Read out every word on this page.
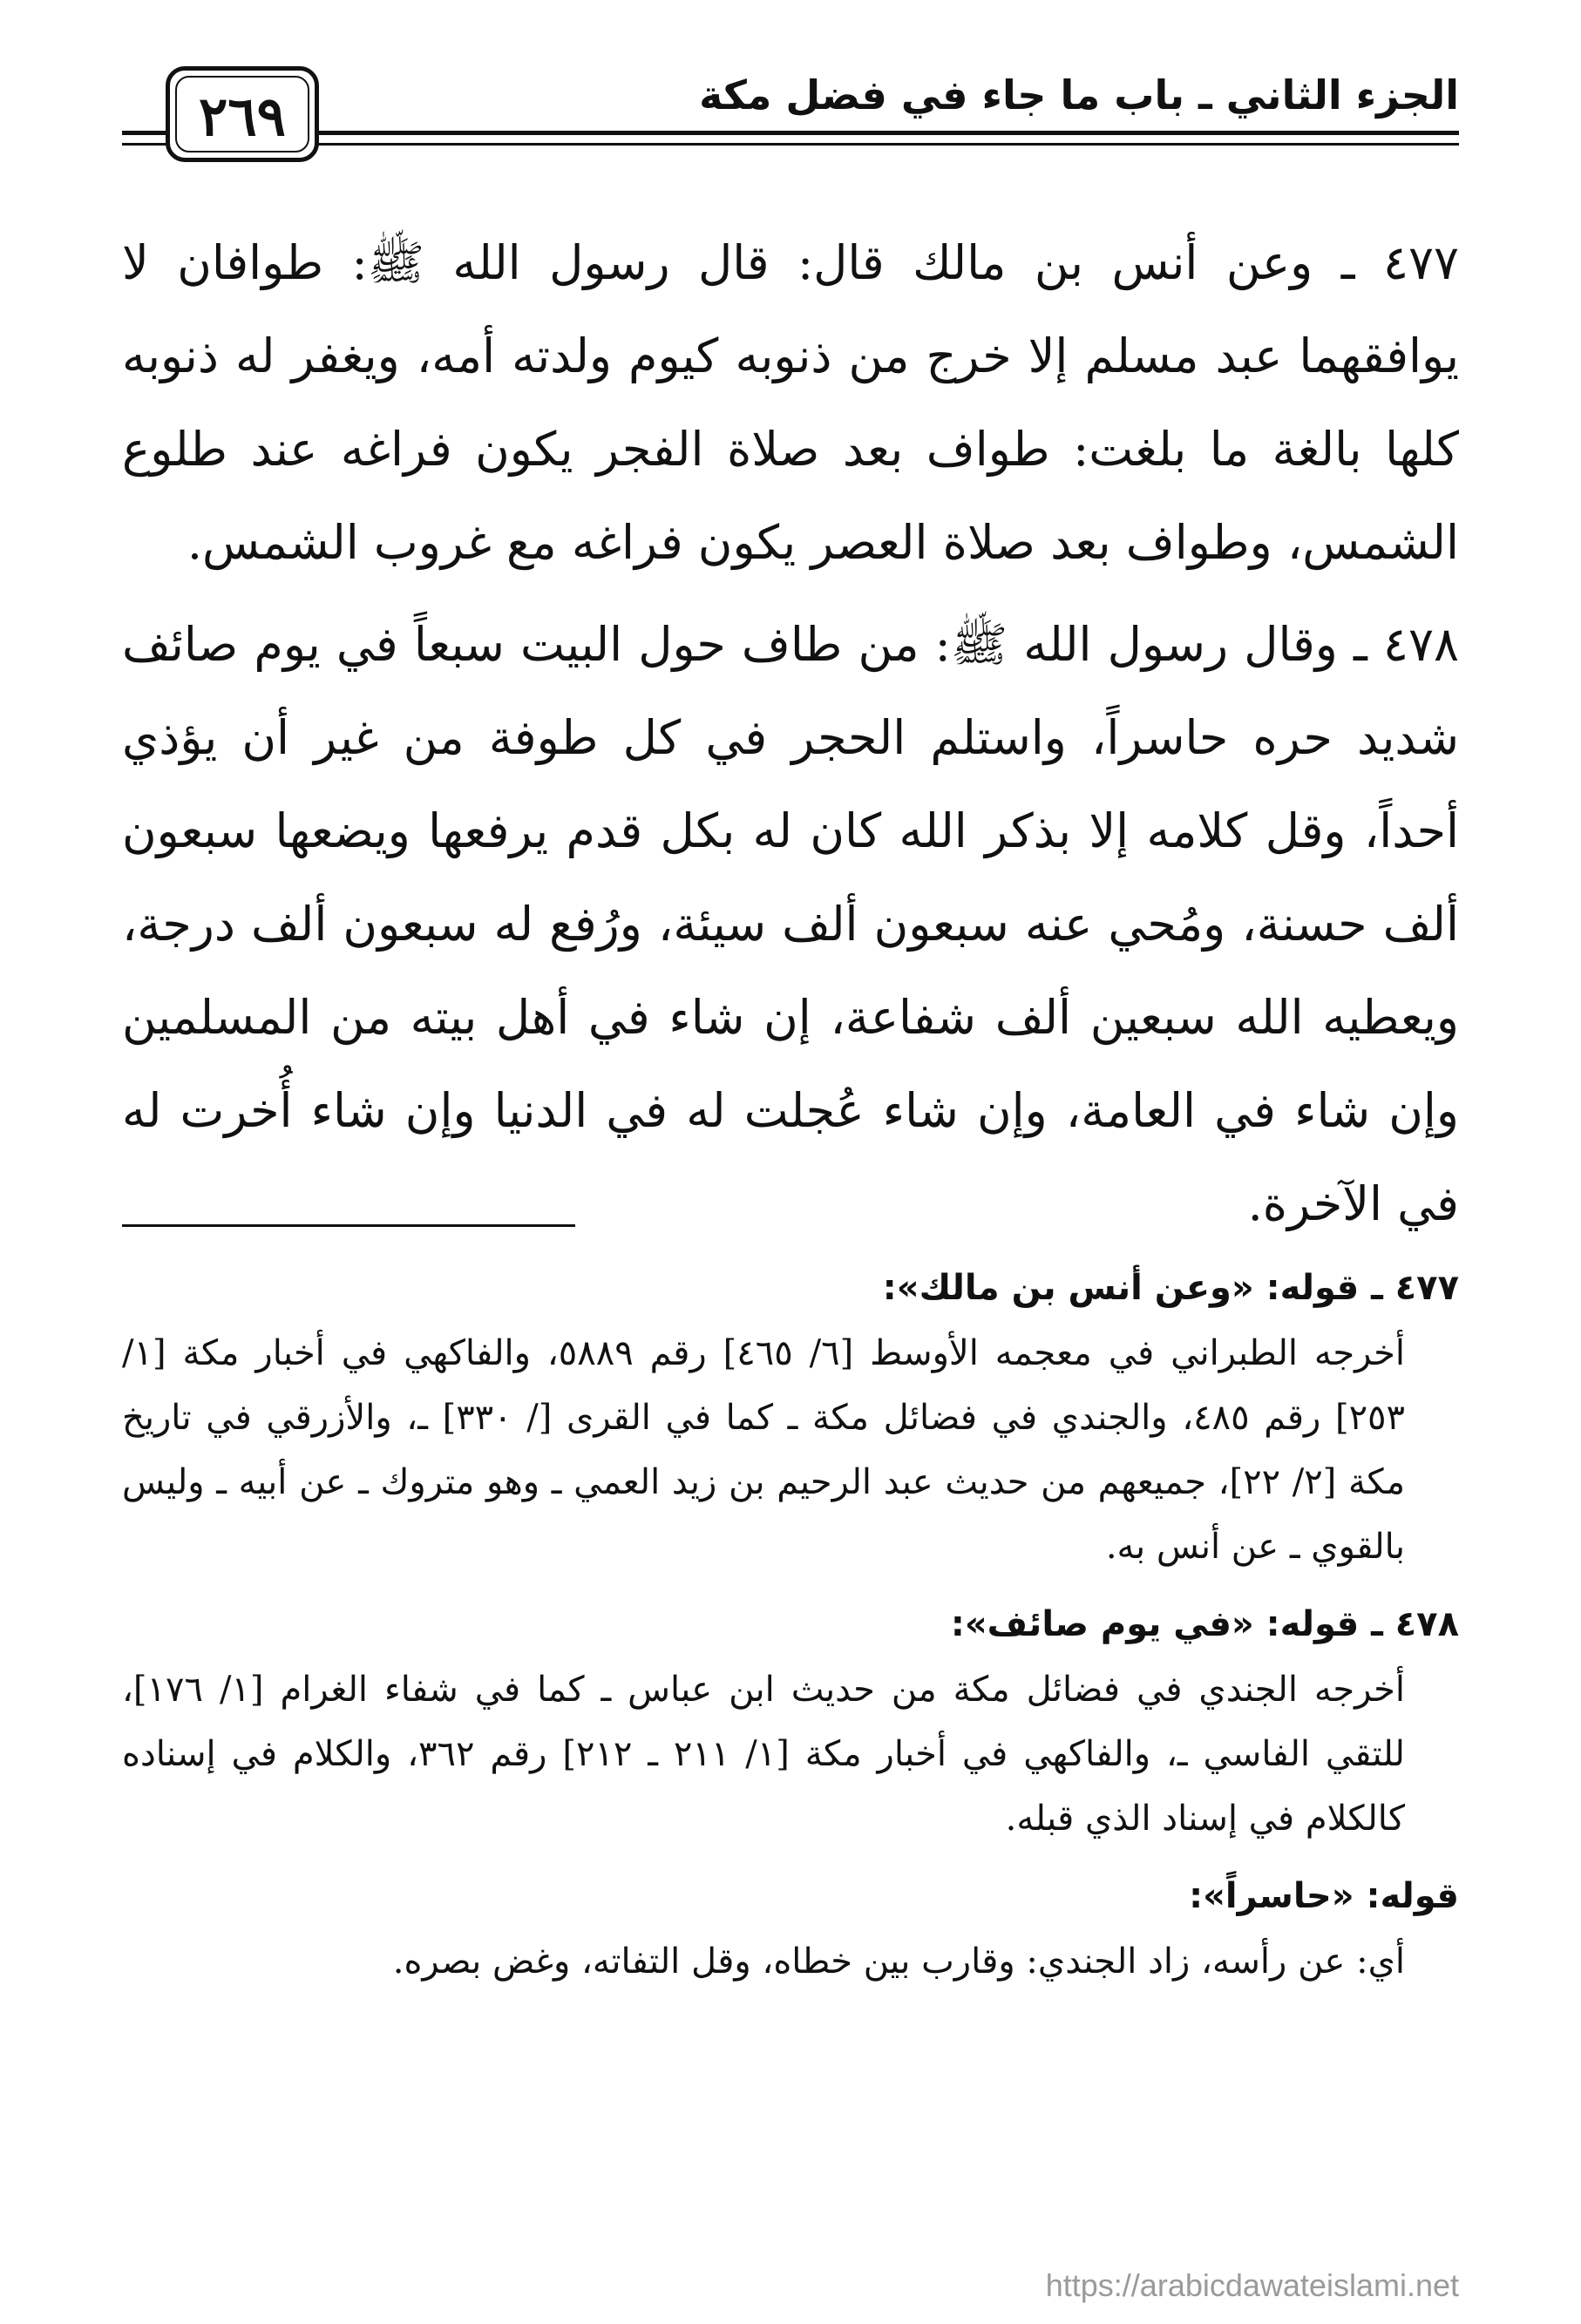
الجزء الثاني ـ باب ما جاء في فضل مكة
٢٦٩

٤٧٧ ـ وعن أنس بن مالك قال: قال رسول الله ﷺ: طوافان لا يوافقهما عبد مسلم إلا خرج من ذنوبه كيوم ولدته أمه، ويغفر له ذنوبه كلها بالغة ما بلغت: طواف بعد صلاة الفجر يكون فراغه عند طلوع الشمس، وطواف بعد صلاة العصر يكون فراغه مع غروب الشمس.

٤٧٨ ـ وقال رسول الله ﷺ: من طاف حول البيت سبعاً في يوم صائف شديد حره حاسراً، واستلم الحجر في كل طوفة من غير أن يؤذي أحداً، وقل كلامه إلا بذكر الله كان له بكل قدم يرفعها ويضعها سبعون ألف حسنة، ومُحي عنه سبعون ألف سيئة، ورُفع له سبعون ألف درجة، ويعطيه الله سبعين ألف شفاعة، إن شاء في أهل بيته من المسلمين وإن شاء في العامة، وإن شاء عُجلت له في الدنيا وإن شاء أُخرت له في الآخرة.

٤٧٧ ـ قوله: «وعن أنس بن مالك»:

أخرجه الطبراني في معجمه الأوسط [٦/ ٤٦٥] رقم ٥٨٨٩، والفاكهي في أخبار مكة [١/ ٢٥٣] رقم ٤٨٥، والجندي في فضائل مكة ـ كما في القرى [/ ٣٣٠] ـ، والأزرقي في تاريخ مكة [٢/ ٢٢]، جميعهم من حديث عبد الرحيم بن زيد العمي ـ وهو متروك ـ عن أبيه ـ وليس بالقوي ـ عن أنس به.

٤٧٨ ـ قوله: «في يوم صائف»:

أخرجه الجندي في فضائل مكة من حديث ابن عباس ـ كما في شفاء الغرام [١/ ١٧٦]، للتقي الفاسي ـ، والفاكهي في أخبار مكة [١/ ٢١١ ـ ٢١٢] رقم ٣٦٢، والكلام في إسناده كالكلام في إسناد الذي قبله.

قوله: «حاسراً»:

أي: عن رأسه، زاد الجندي: وقارب بين خطاه، وقل التفاته، وغض بصره.

https://arabicdawateislami.net
